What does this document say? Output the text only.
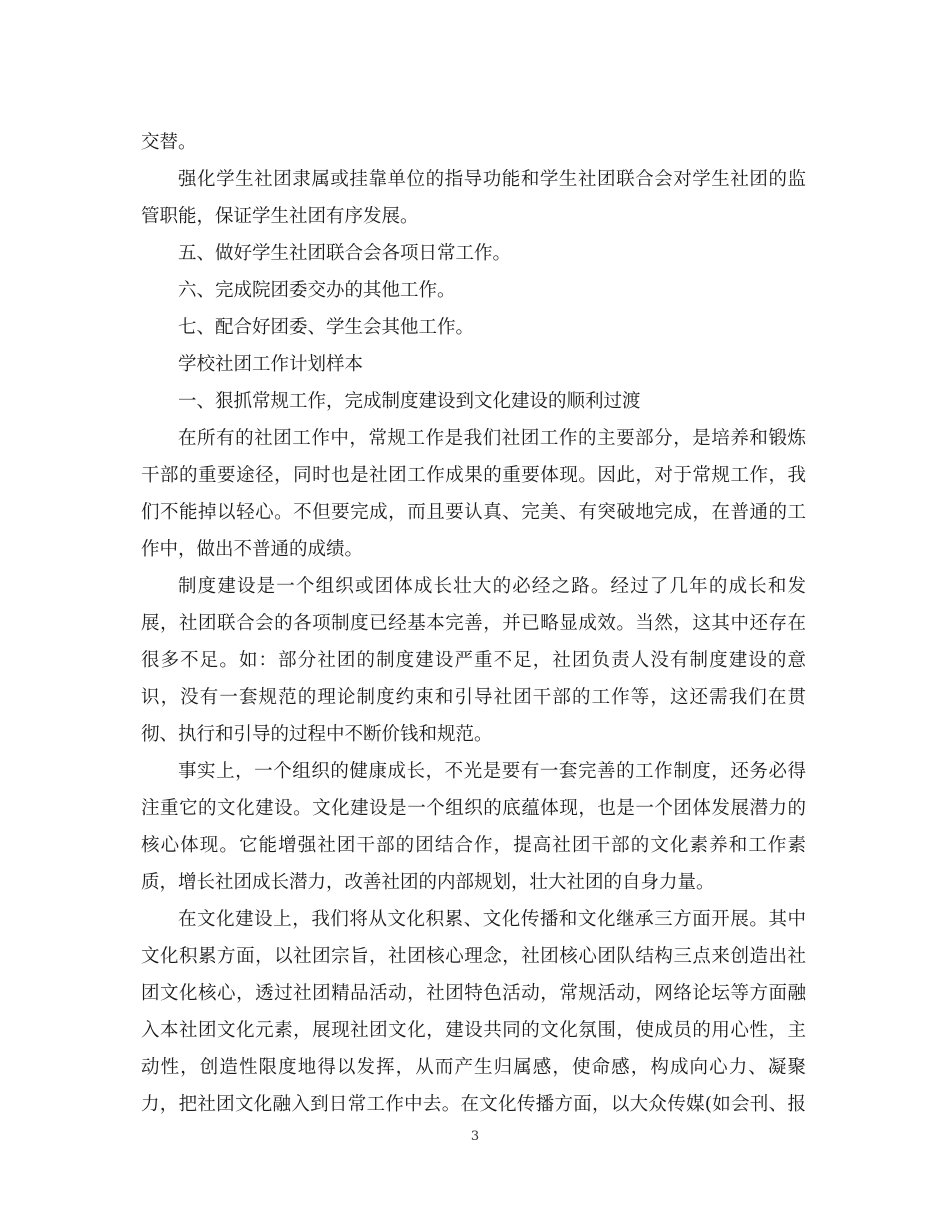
交替。

强化学生社团隶属或挂靠单位的指导功能和学生社团联合会对学生社团的监
管职能，保证学生社团有序发展。

五、做好学生社团联合会各项日常工作。

六、完成院团委交办的其他工作。

七、配合好团委、学生会其他工作。

学校社团工作计划样本

一、狠抓常规工作，完成制度建设到文化建设的顺利过渡

在所有的社团工作中，常规工作是我们社团工作的主要部分，是培养和锻炼
干部的重要途径，同时也是社团工作成果的重要体现。因此，对于常规工作，我
们不能掉以轻心。不但要完成，而且要认真、完美、有突破地完成，在普通的工
作中，做出不普通的成绩。

制度建设是一个组织或团体成长壮大的必经之路。经过了几年的成长和发
展，社团联合会的各项制度已经基本完善，并已略显成效。当然，这其中还存在
很多不足。如：部分社团的制度建设严重不足，社团负责人没有制度建设的意
识，没有一套规范的理论制度约束和引导社团干部的工作等，这还需我们在贯
彻、执行和引导的过程中不断价钱和规范。

事实上，一个组织的健康成长，不光是要有一套完善的工作制度，还务必得
注重它的文化建设。文化建设是一个组织的底蕴体现，也是一个团体发展潜力的
核心体现。它能增强社团干部的团结合作，提高社团干部的文化素养和工作素
质，增长社团成长潜力，改善社团的内部规划，壮大社团的自身力量。

在文化建设上，我们将从文化积累、文化传播和文化继承三方面开展。其中
文化积累方面，以社团宗旨，社团核心理念，社团核心团队结构三点来创造出社
团文化核心，透过社团精品活动，社团特色活动，常规活动，网络论坛等方面融
入本社团文化元素，展现社团文化，建设共同的文化氛围，使成员的用心性，主
动性，创造性限度地得以发挥，从而产生归属感，使命感，构成向心力、凝聚
力，把社团文化融入到日常工作中去。在文化传播方面，以大众传媒(如会刊、报

3
